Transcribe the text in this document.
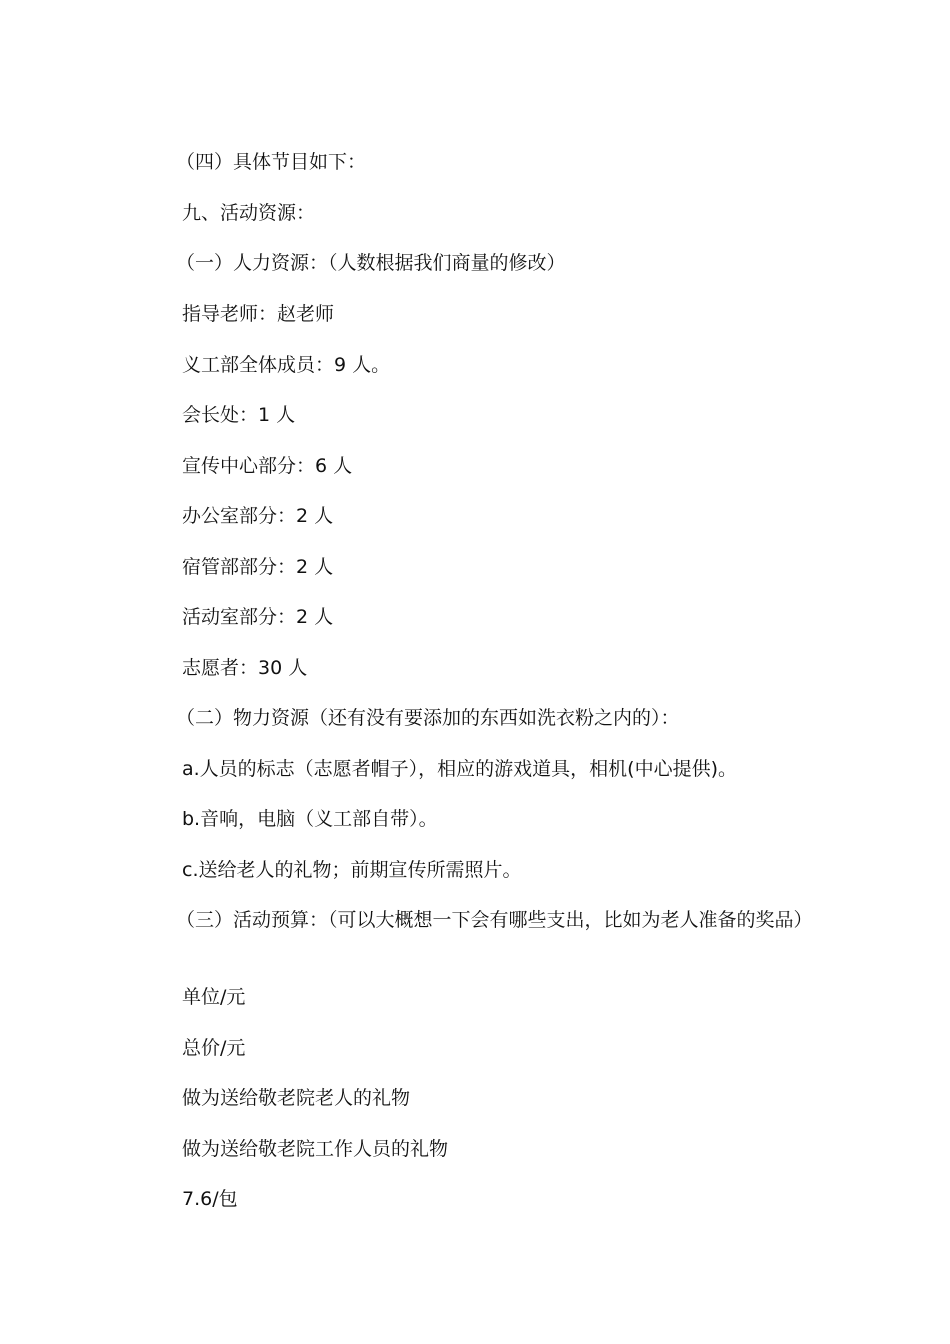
（四）具体节目如下：
九、活动资源：
（一）人力资源：（人数根据我们商量的修改）
指导老师：赵老师
义工部全体成员：9 人。
会长处：1 人
宣传中心部分：6 人
办公室部分：2 人
宿管部部分：2 人
活动室部分：2 人
志愿者：30 人
（二）物力资源（还有没有要添加的东西如洗衣粉之内的）：
a.人员的标志（志愿者帽子），相应的游戏道具，相机(中心提供)。
b.音响，电脑（义工部自带）。
c.送给老人的礼物；前期宣传所需照片。
（三）活动预算：（可以大概想一下会有哪些支出，比如为老人准备的奖品）
单位/元
总价/元
做为送给敬老院老人的礼物
做为送给敬老院工作人员的礼物
7.6/包
